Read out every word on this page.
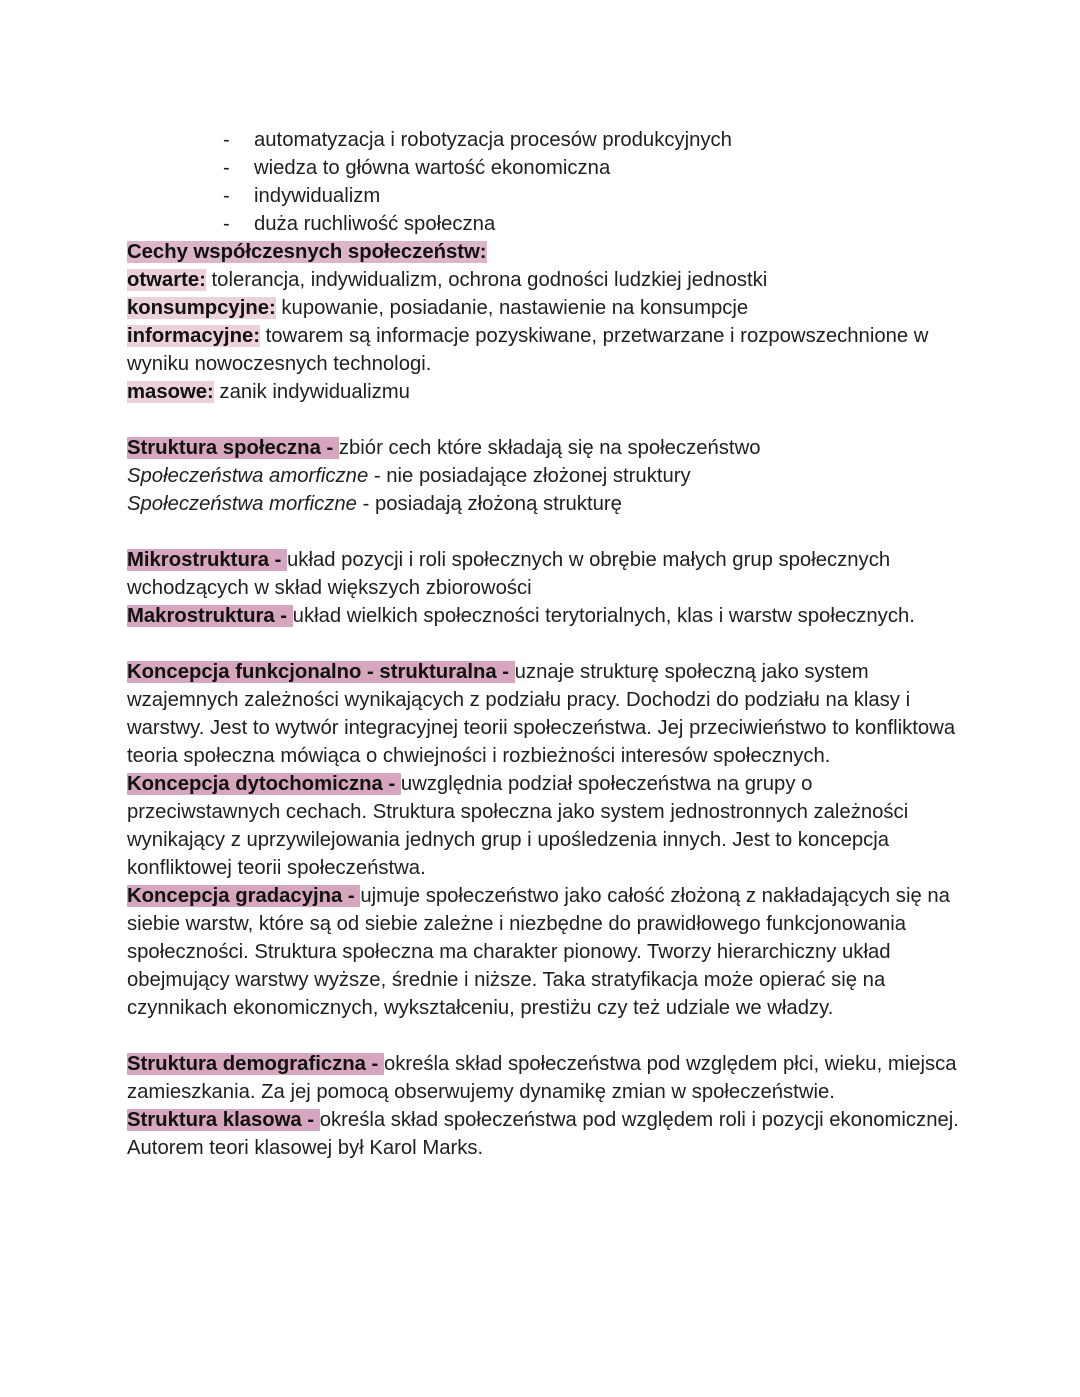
- automatyzacja i robotyzacja procesów produkcyjnych
- wiedza to główna wartość ekonomiczna
- indywidualizm
- duża ruchliwość społeczna

Cechy współczesnych społeczeństw:

otwarte: tolerancja, indywidualizm, ochrona godności ludzkiej jednostki

konsumpcyjne: kupowanie, posiadanie, nastawienie na konsumpcje

informacyjne: towarem są informacje pozyskiwane, przetwarzane i rozpowszechnione w wyniku nowoczesnych technologi.

masowe: zanik indywidualizmu

Struktura społeczna - zbiór cech które składają się na społeczeństwo

Społeczeństwa amorficzne - nie posiadające złożonej struktury

Społeczeństwa morficzne - posiadają złożoną strukturę

Mikrostruktura - układ pozycji i roli społecznych w obrębie małych grup społecznych wchodzących w skład większych zbiorowości

Makrostruktura - układ wielkich społeczności terytorialnych, klas i warstw społecznych.

Koncepcja funkcjonalno - strukturalna - uznaje strukturę społeczną jako system wzajemnych zależności wynikających z podziału pracy. Dochodzi do podziału na klasy i warstwy. Jest to wytwór integracyjnej teorii społeczeństwa. Jej przeciwieństwo to konfliktowa teoria społeczna mówiąca o chwiejności i rozbieżności interesów społecznych.

Koncepcja dytochomiczna - uwzględnia podział społeczeństwa na grupy o przeciwstawnych cechach. Struktura społeczna jako system jednostronnych zależności wynikający z uprzywilejowania jednych grup i upośledzenia innych. Jest to koncepcja konfliktowej teorii społeczeństwa.

Koncepcja gradacyjna - ujmuje społeczeństwo jako całość złożoną z nakładających się na siebie warstw, które są od siebie zależne i niezbędne do prawidłowego funkcjonowania społeczności. Struktura społeczna ma charakter pionowy. Tworzy hierarchiczny układ obejmujący warstwy wyższe, średnie i niższe. Taka stratyfikacja może opierać się na czynnikach ekonomicznych, wykształceniu, prestiżu czy też udziale we władzy.

Struktura demograficzna - określa skład społeczeństwa pod względem płci, wieku, miejsca zamieszkania. Za jej pomocą obserwujemy dynamikę zmian w społeczeństwie.

Struktura klasowa - określa skład społeczeństwa pod względem roli i pozycji ekonomicznej. Autorem teori klasowej był Karol Marks.
